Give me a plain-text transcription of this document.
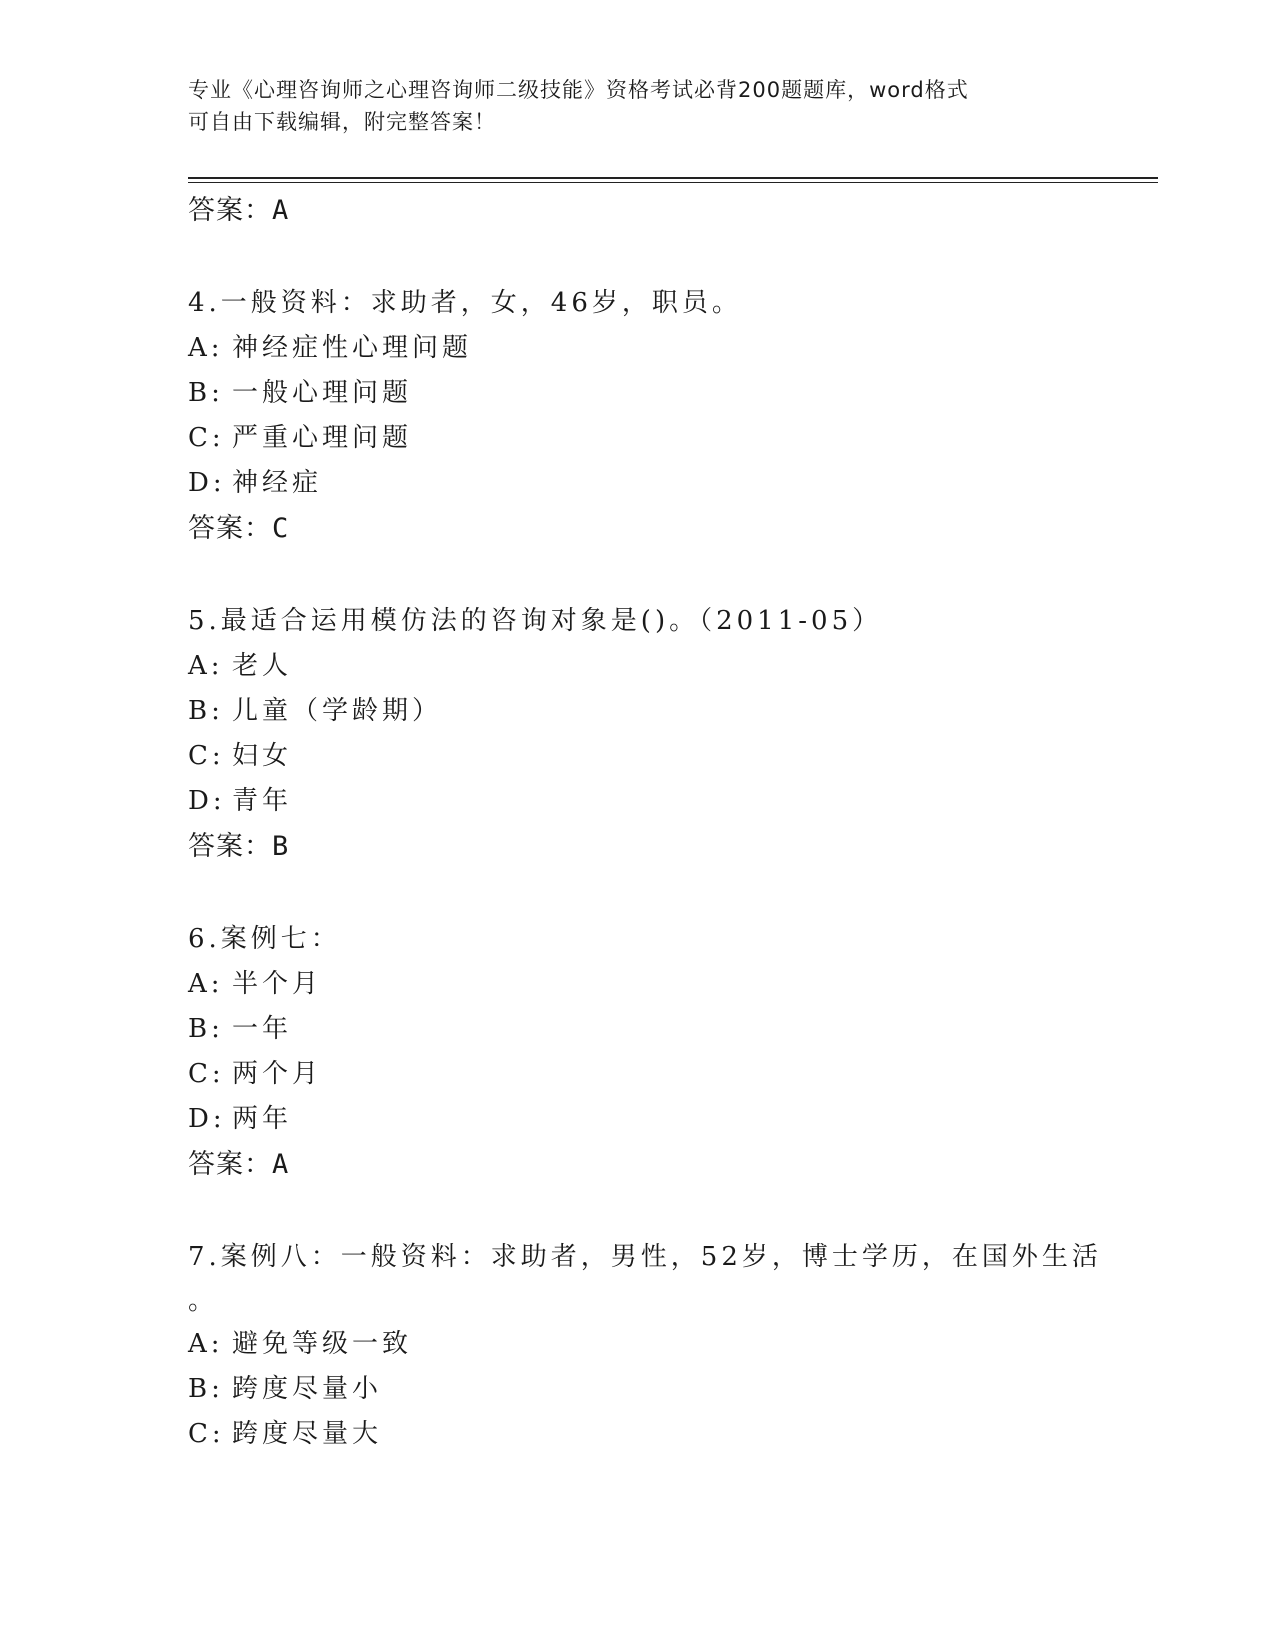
专业《心理咨询师之心理咨询师二级技能》资格考试必背200题题库，word格式
可自由下载编辑，附完整答案！
答案：A
4.一般资料：求助者，女，46岁，职员。
A: 神经症性心理问题
B: 一般心理问题
C: 严重心理问题
D: 神经症
答案：C
5.最适合运用模仿法的咨询对象是()。（2011-05）
A: 老人
B: 儿童（学龄期）
C: 妇女
D: 青年
答案：B
6.案例七：
A: 半个月
B: 一年
C: 两个月
D: 两年
答案：A
7.案例八：一般资料：求助者，男性，52岁，博士学历，在国外生活
。
A: 避免等级一致
B: 跨度尽量小
C: 跨度尽量大
